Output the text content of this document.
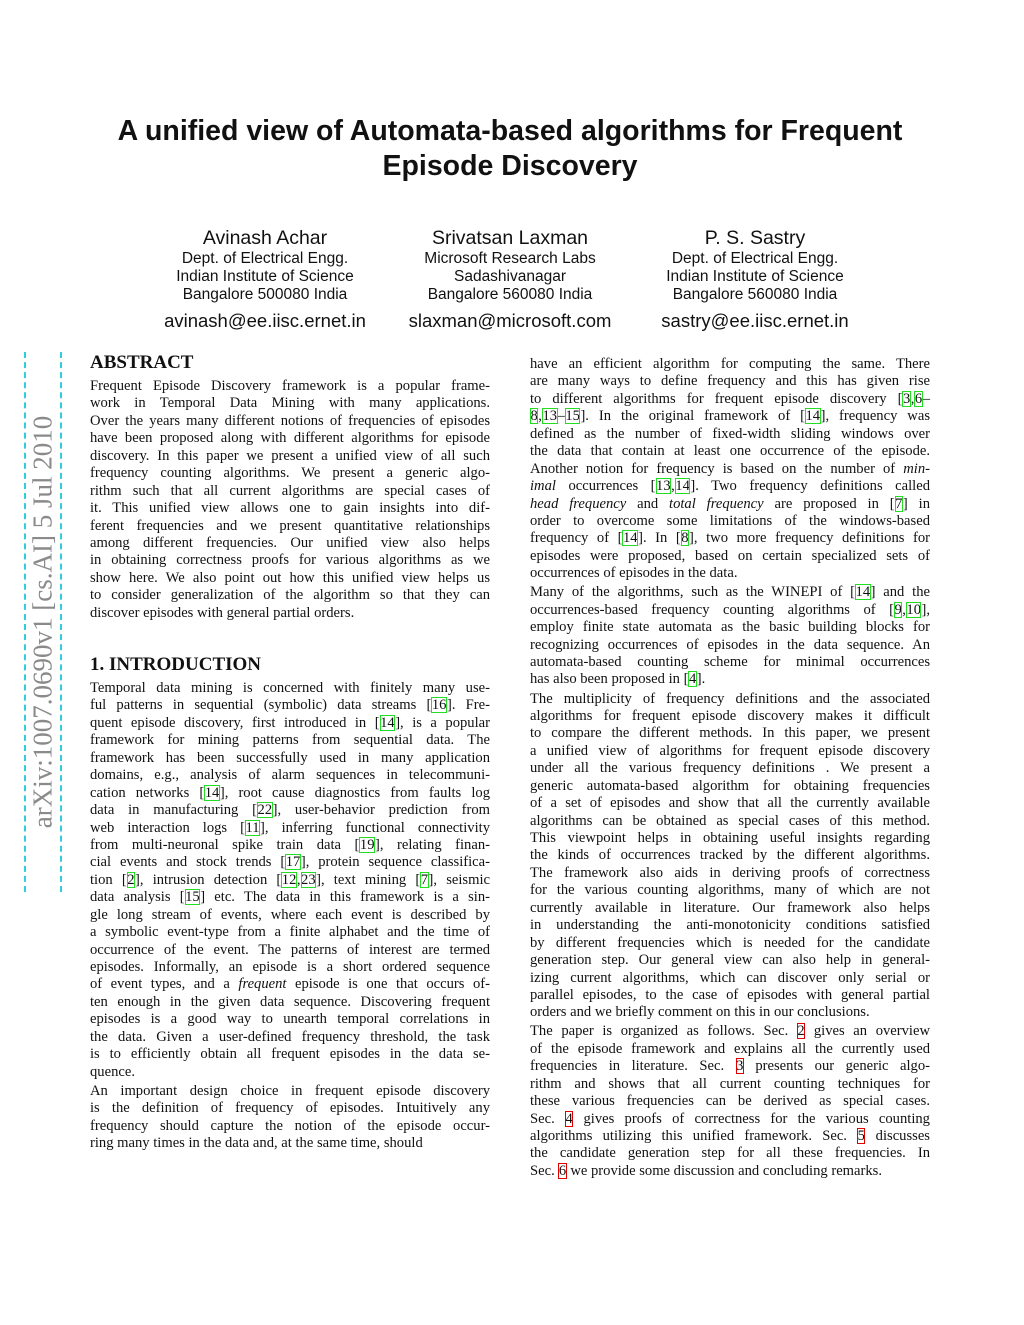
arXiv:1007.0690v1 [cs.AI] 5 Jul 2010
A unified view of Automata-based algorithms for Frequent
Episode Discovery
Avinash Achar
Dept. of Electrical Engg.
Indian Institute of Science
Bangalore 500080 India
avinash@ee.iisc.ernet.in
Srivatsan Laxman
Microsoft Research Labs
Sadashivanagar
Bangalore 560080 India
slaxman@microsoft.com
P. S. Sastry
Dept. of Electrical Engg.
Indian Institute of Science
Bangalore 560080 India
sastry@ee.iisc.ernet.in
ABSTRACT
Frequent Episode Discovery framework is a popular frame-
work in Temporal Data Mining with many applications.
Over the years many different notions of frequencies of episodes
have been proposed along with different algorithms for episode
discovery. In this paper we present a unified view of all such
frequency counting algorithms. We present a generic algo-
rithm such that all current algorithms are special cases of
it. This unified view allows one to gain insights into dif-
ferent frequencies and we present quantitative relationships
among different frequencies. Our unified view also helps
in obtaining correctness proofs for various algorithms as we
show here. We also point out how this unified view helps us
to consider generalization of the algorithm so that they can
discover episodes with general partial orders.
1. INTRODUCTION
Temporal data mining is concerned with finitely many use-
ful patterns in sequential (symbolic) data streams [16]. Fre-
quent episode discovery, first introduced in [14], is a popular
framework for mining patterns from sequential data. The
framework has been successfully used in many application
domains, e.g., analysis of alarm sequences in telecommuni-
cation networks [14], root cause diagnostics from faults log
data in manufacturing [22], user-behavior prediction from
web interaction logs [11], inferring functional connectivity
from multi-neuronal spike train data [19], relating finan-
cial events and stock trends [17], protein sequence classifica-
tion [2], intrusion detection [12,23], text mining [7], seismic
data analysis [15] etc. The data in this framework is a sin-
gle long stream of events, where each event is described by
a symbolic event-type from a finite alphabet and the time of
occurrence of the event. The patterns of interest are termed
episodes. Informally, an episode is a short ordered sequence
of event types, and a frequent episode is one that occurs of-
ten enough in the given data sequence. Discovering frequent
episodes is a good way to unearth temporal correlations in
the data. Given a user-defined frequency threshold, the task
is to efficiently obtain all frequent episodes in the data se-
quence.
An important design choice in frequent episode discovery
is the definition of frequency of episodes. Intuitively any
frequency should capture the notion of the episode occur-
ring many times in the data and, at the same time, should
have an efficient algorithm for computing the same. There
are many ways to define frequency and this has given rise
to different algorithms for frequent episode discovery [3,6–
8,13–15]. In the original framework of [14], frequency was
defined as the number of fixed-width sliding windows over
the data that contain at least one occurrence of the episode.
Another notion for frequency is based on the number of min-
imal occurrences [13,14]. Two frequency definitions called
head frequency and total frequency are proposed in [7] in
order to overcome some limitations of the windows-based
frequency of [14]. In [8], two more frequency definitions for
episodes were proposed, based on certain specialized sets of
occurrences of episodes in the data.
Many of the algorithms, such as the WINEPI of [14] and the
occurrences-based frequency counting algorithms of [9,10],
employ finite state automata as the basic building blocks for
recognizing occurrences of episodes in the data sequence. An
automata-based counting scheme for minimal occurrences
has also been proposed in [4].
The multiplicity of frequency definitions and the associated
algorithms for frequent episode discovery makes it difficult
to compare the different methods. In this paper, we present
a unified view of algorithms for frequent episode discovery
under all the various frequency definitions . We present a
generic automata-based algorithm for obtaining frequencies
of a set of episodes and show that all the currently available
algorithms can be obtained as special cases of this method.
This viewpoint helps in obtaining useful insights regarding
the kinds of occurrences tracked by the different algorithms.
The framework also aids in deriving proofs of correctness
for the various counting algorithms, many of which are not
currently available in literature. Our framework also helps
in understanding the anti-monotonicity conditions satisfied
by different frequencies which is needed for the candidate
generation step. Our general view can also help in general-
izing current algorithms, which can discover only serial or
parallel episodes, to the case of episodes with general partial
orders and we briefly comment on this in our conclusions.
The paper is organized as follows. Sec. 2 gives an overview
of the episode framework and explains all the currently used
frequencies in literature. Sec. 3 presents our generic algo-
rithm and shows that all current counting techniques for
these various frequencies can be derived as special cases.
Sec. 4 gives proofs of correctness for the various counting
algorithms utilizing this unified framework. Sec. 5 discusses
the candidate generation step for all these frequencies. In
Sec. 6 we provide some discussion and concluding remarks.
